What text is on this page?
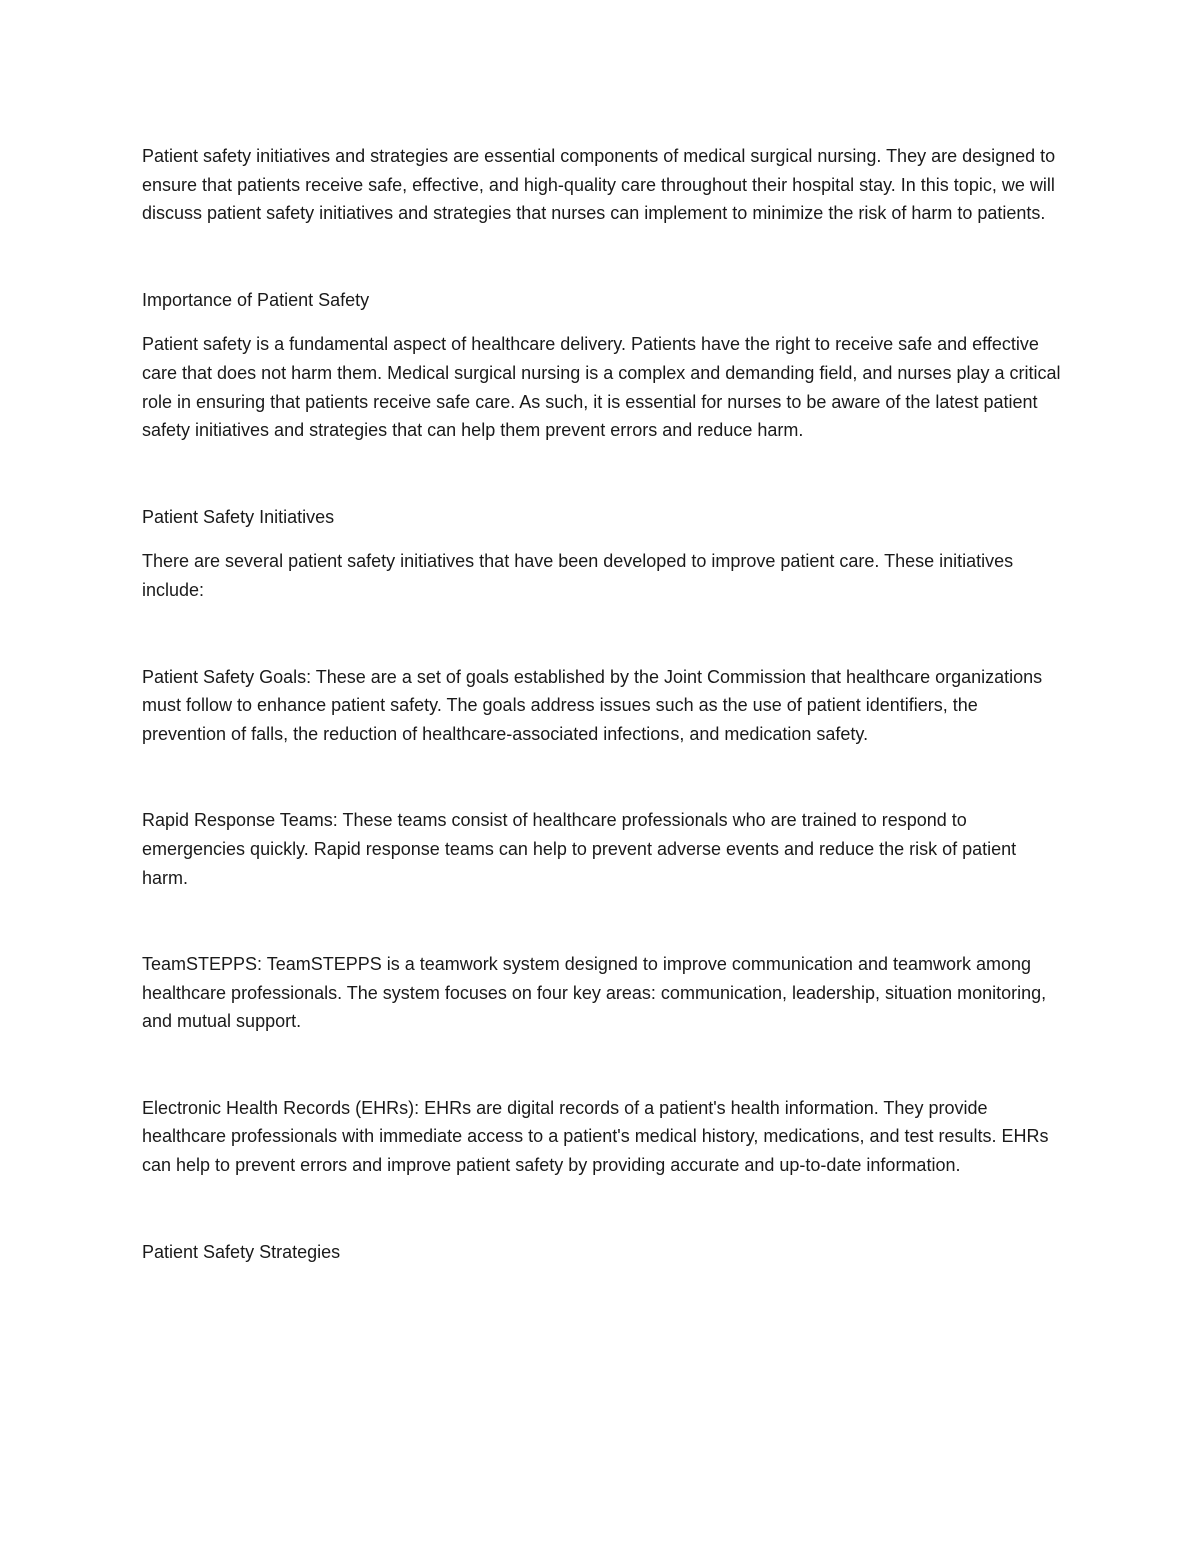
Patient safety initiatives and strategies are essential components of medical surgical nursing. They are designed to ensure that patients receive safe, effective, and high-quality care throughout their hospital stay. In this topic, we will discuss patient safety initiatives and strategies that nurses can implement to minimize the risk of harm to patients.

Importance of Patient Safety

Patient safety is a fundamental aspect of healthcare delivery. Patients have the right to receive safe and effective care that does not harm them. Medical surgical nursing is a complex and demanding field, and nurses play a critical role in ensuring that patients receive safe care. As such, it is essential for nurses to be aware of the latest patient safety initiatives and strategies that can help them prevent errors and reduce harm.

Patient Safety Initiatives

There are several patient safety initiatives that have been developed to improve patient care. These initiatives include:

Patient Safety Goals: These are a set of goals established by the Joint Commission that healthcare organizations must follow to enhance patient safety. The goals address issues such as the use of patient identifiers, the prevention of falls, the reduction of healthcare-associated infections, and medication safety.

Rapid Response Teams: These teams consist of healthcare professionals who are trained to respond to emergencies quickly. Rapid response teams can help to prevent adverse events and reduce the risk of patient harm.

TeamSTEPPS: TeamSTEPPS is a teamwork system designed to improve communication and teamwork among healthcare professionals. The system focuses on four key areas: communication, leadership, situation monitoring, and mutual support.

Electronic Health Records (EHRs): EHRs are digital records of a patient's health information. They provide healthcare professionals with immediate access to a patient's medical history, medications, and test results. EHRs can help to prevent errors and improve patient safety by providing accurate and up-to-date information.

Patient Safety Strategies
